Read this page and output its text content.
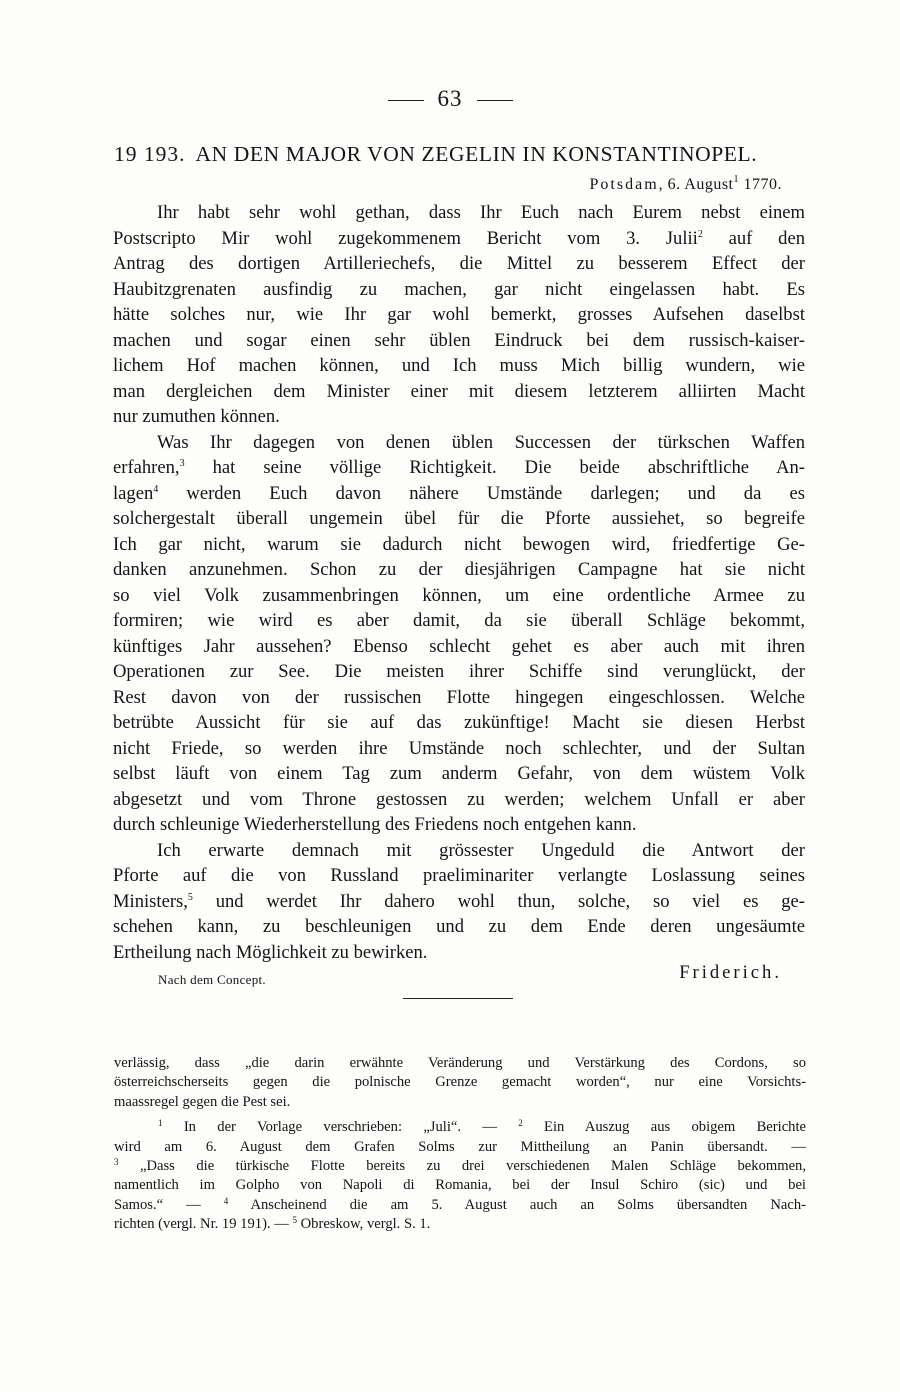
63
19 193. AN DEN MAJOR VON ZEGELIN IN KONSTANTINOPEL.
Potsdam, 6. August$^1$ 1770.
Ihr habt sehr wohl gethan, dass Ihr Euch nach Eurem nebst einem
Postscripto Mir wohl zugekommenem Bericht vom 3. Julii$^2$ auf den
Antrag des dortigen Artilleriechefs, die Mittel zu besserem Effect der
Haubitzgrenaten ausfindig zu machen, gar nicht eingelassen habt. Es
hätte solches nur, wie Ihr gar wohl bemerkt, grosses Aufsehen daselbst
machen und sogar einen sehr üblen Eindruck bei dem russisch-kaiser-
lichem Hof machen können, und Ich muss Mich billig wundern, wie
man dergleichen dem Minister einer mit diesem letzterem alliirten Macht
nur zumuthen können.
Was Ihr dagegen von denen üblen Successen der türkschen Waffen
erfahren,$^3$ hat seine völlige Richtigkeit. Die beide abschriftliche An-
lagen$^4$ werden Euch davon nähere Umstände darlegen; und da es
solchergestalt überall ungemein übel für die Pforte aussiehet, so begreife
Ich gar nicht, warum sie dadurch nicht bewogen wird, friedfertige Ge-
danken anzunehmen. Schon zu der diesjährigen Campagne hat sie nicht
so viel Volk zusammenbringen können, um eine ordentliche Armee zu
formiren; wie wird es aber damit, da sie überall Schläge bekommt,
künftiges Jahr aussehen? Ebenso schlecht gehet es aber auch mit ihren
Operationen zur See. Die meisten ihrer Schiffe sind verunglückt, der
Rest davon von der russischen Flotte hingegen eingeschlossen. Welche
betrübte Aussicht für sie auf das zukünftige! Macht sie diesen Herbst
nicht Friede, so werden ihre Umstände noch schlechter, und der Sultan
selbst läuft von einem Tag zum anderm Gefahr, von dem wüstem Volk
abgesetzt und vom Throne gestossen zu werden; welchem Unfall er aber
durch schleunige Wiederherstellung des Friedens noch entgehen kann.
Ich erwarte demnach mit grössester Ungeduld die Antwort der
Pforte auf die von Russland praeliminariter verlangte Loslassung seines
Ministers,$^5$ und werdet Ihr dahero wohl thun, solche, so viel es ge-
schehen kann, zu beschleunigen und zu dem Ende deren ungesäumte
Ertheilung nach Möglichkeit zu bewirken.
Nach dem Concept.	Friderich.
verlässig, dass „die darin erwähnte Veränderung und Verstärkung des Cordons, so
österreichscherseits gegen die polnische Grenze gemacht worden“, nur eine Vorsichts-
maassregel gegen die Pest sei.
$^1$ In der Vorlage verschrieben: „Juli“. — $^2$ Ein Auszug aus obigem Berichte
wird am 6. August dem Grafen Solms zur Mittheilung an Panin übersandt. —
$^3$ „Dass die türkische Flotte bereits zu drei verschiedenen Malen Schläge bekommen,
namentlich im Golpho von Napoli di Romania, bei der Insul Schiro (sic) und bei
Samos.“ — $^4$ Anscheinend die am 5. August auch an Solms übersandten Nach-
richten (vergl. Nr. 19 191). — $^5$ Obreskow, vergl. S. 1.
